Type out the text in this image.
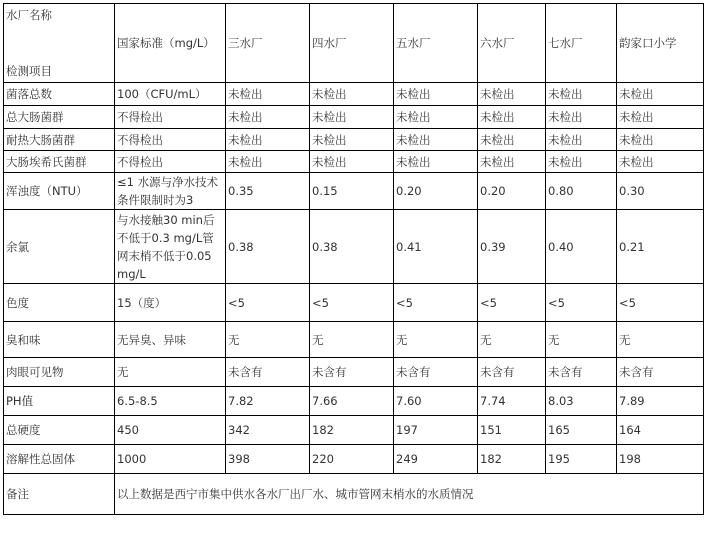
水厂名称
检测项目	国家标准（mg/L）	三水厂	四水厂	五水厂	六水厂	七水厂	韵家口小学
菌落总数	100（CFU/mL）	未检出	未检出	未检出	未检出	未检出	未检出
总大肠菌群	不得检出	未检出	未检出	未检出	未检出	未检出	未检出
耐热大肠菌群	不得检出	未检出	未检出	未检出	未检出	未检出	未检出
大肠埃希氏菌群	不得检出	未检出	未检出	未检出	未检出	未检出	未检出
浑浊度（NTU）	≤1 水源与净水技术条件限制时为3	0.35	0.15	0.20	0.20	0.80	0.30
余氯	与水接触30 min后不低于0.3 mg/L管网末梢不低于0.05 mg/L	0.38	0.38	0.41	0.39	0.40	0.21
色度	15（度）	<5	<5	<5	<5	<5	<5
臭和味	无异臭、异味	无	无	无	无	无	无
肉眼可见物	无	未含有	未含有	未含有	未含有	未含有	未含有
PH值	6.5-8.5	7.82	7.66	7.60	7.74	8.03	7.89
总硬度	450	342	182	197	151	165	164
溶解性总固体	1000	398	220	249	182	195	198
备注	以上数据是西宁市集中供水各水厂出厂水、城市管网末梢水的水质情况						
